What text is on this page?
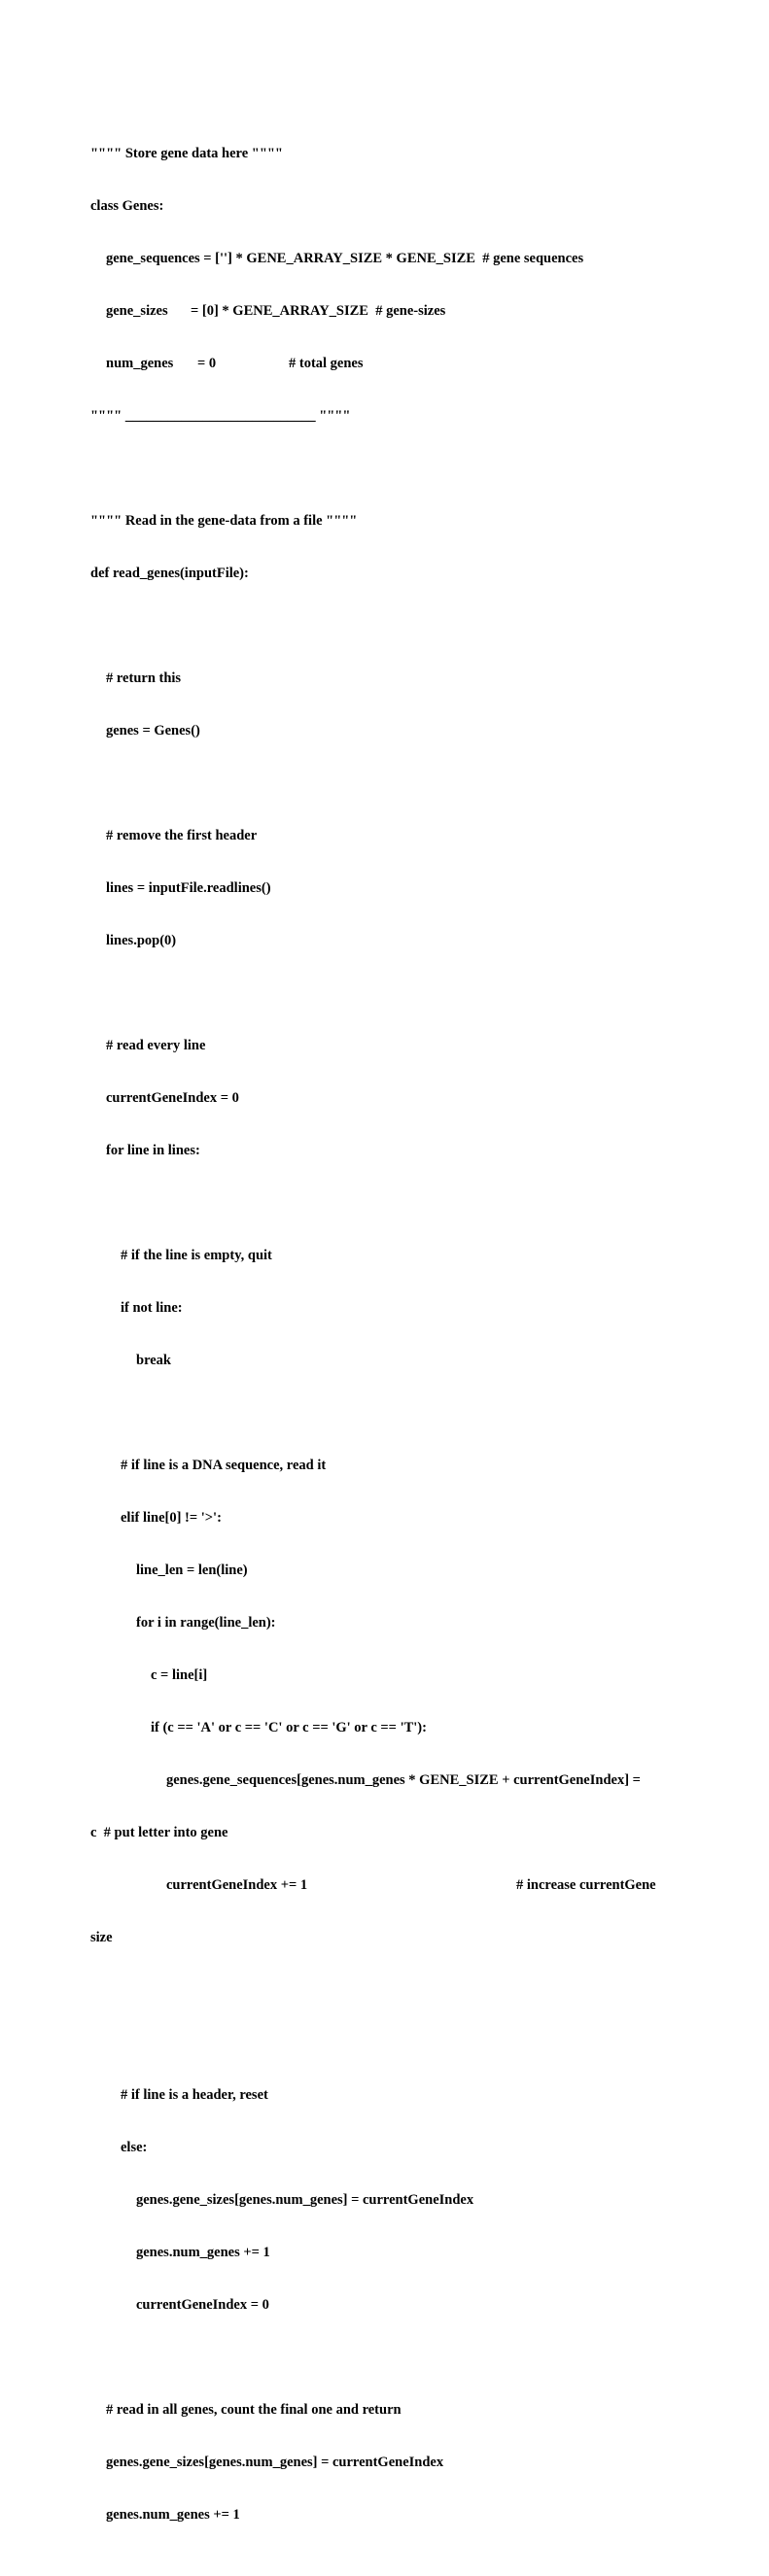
"""" Store gene data here """"

class Genes:

gene_sequences = [''] * GENE_ARRAY_SIZE * GENE_SIZE  # gene sequences

gene_sizes = [0] * GENE_ARRAY_SIZE  # gene-sizes

num_genes = 0	# total genes

"""" ___________________________ """"

"""" Read in the gene-data from a file """"

def read_genes(inputFile):

# return this

genes = Genes()

# remove the first header

lines = inputFile.readlines()

lines.pop(0)

# read every line

currentGeneIndex = 0

for line in lines:

# if the line is empty, quit

if not line:

break

# if line is a DNA sequence, read it

elif line[0] != '>':

line_len = len(line)

for i in range(line_len):

c = line[i]

if (c == 'A' or c == 'C' or c == 'G' or c == 'T'):

genes.gene_sequences[genes.num_genes * GENE_SIZE + currentGeneIndex] =

c  # put letter into gene

currentGeneIndex += 1	# increase currentGene

size

# if line is a header, reset

else:

genes.gene_sizes[genes.num_genes] = currentGeneIndex

genes.num_genes += 1

currentGeneIndex = 0

# read in all genes, count the final one and return

genes.gene_sizes[genes.num_genes] = currentGeneIndex

genes.num_genes += 1
